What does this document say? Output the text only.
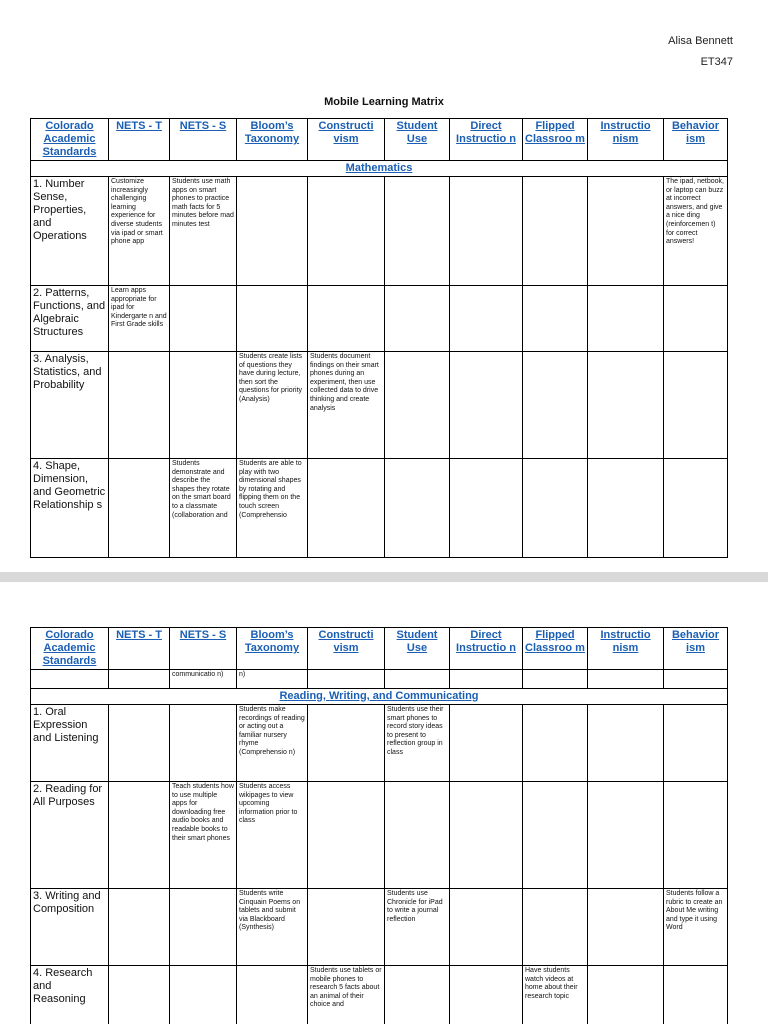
Alisa Bennett
ET347
Mobile Learning Matrix
Colorado Academic Standards	NETS - T	NETS - S	Bloom’s Taxonomy	Constructi vism	Student Use	Direct Instructio n	Flipped Classroo m	Instructio nism	Behavior ism
Mathematics									
1. Number Sense, Properties, and Operations	Customize increasingly challenging learning experience for diverse students via ipad or smart phone app	Students use math apps on smart phones to practice math facts for 5 minutes before mad minutes test							The ipad, netbook, or laptop can buzz at incorrect answers, and give a nice ding (reinforcemen t) for correct answers!
2. Patterns, Functions, and Algebraic Structures	Learn apps appropriate for ipad for Kindergarte n and First Grade skills								
3. Analysis, Statistics, and Probability			Students create lists of questions they have during lecture, then sort the questions for priority (Analysis)	Students document findings on their smart phones during an experiment, then use collected data to drive thinking and create analysis					
4. Shape, Dimension, and Geometric Relationship s		Students demonstrate and describe the shapes they rotate on the smart board to a classmate (collaboration and	Students are able to play with two dimensional shapes by rotating and flipping them on the touch screen (Comprehensio						
Colorado Academic Standards	NETS - T	NETS - S	Bloom’s Taxonomy	Constructi vism	Student Use	Direct Instructio n	Flipped Classroo m	Instructio nism	Behavior ism
		communicatio n)	n)						
Reading, Writing, and Communicating									
1. Oral Expression and Listening			Students make recordings of reading or acting out a familiar nursery rhyme (Comprehensio n)		Students use their smart phones to record story ideas to present to reflection group in class				
2. Reading for All Purposes		Teach students how to use multiple apps for downloading free audio books and readable books to their smart phones	Students access wikipages to view upcoming information prior to class						
3. Writing and Composition			Students write Cinquain Poems on tablets and submit via Blackboard (Synthesis)		Students use Chronicle for iPad to write a journal reflection				Students follow a rubric to create an About Me writing and type it using Word
4. Research and Reasoning				Students use tablets or mobile phones to research 5 facts about an animal of their choice and			Have students watch videos at home about their research topic		
